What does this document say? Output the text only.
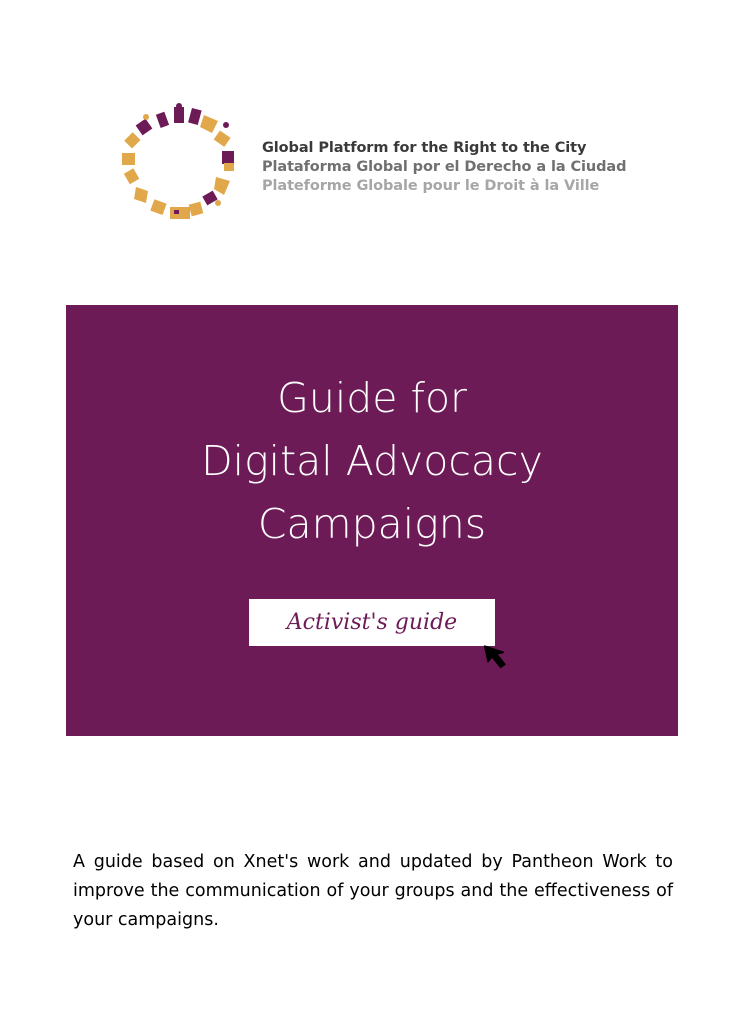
Global Platform for the Right to the City
Plataforma Global por el Derecho a la Ciudad
Plateforme Globale pour le Droit à la Ville
Guide for
Digital Advocacy
Campaigns
Activist's guide

A guide based on Xnet's work and updated by Pantheon Work to improve the communication of your groups and the effectiveness of your campaigns.
